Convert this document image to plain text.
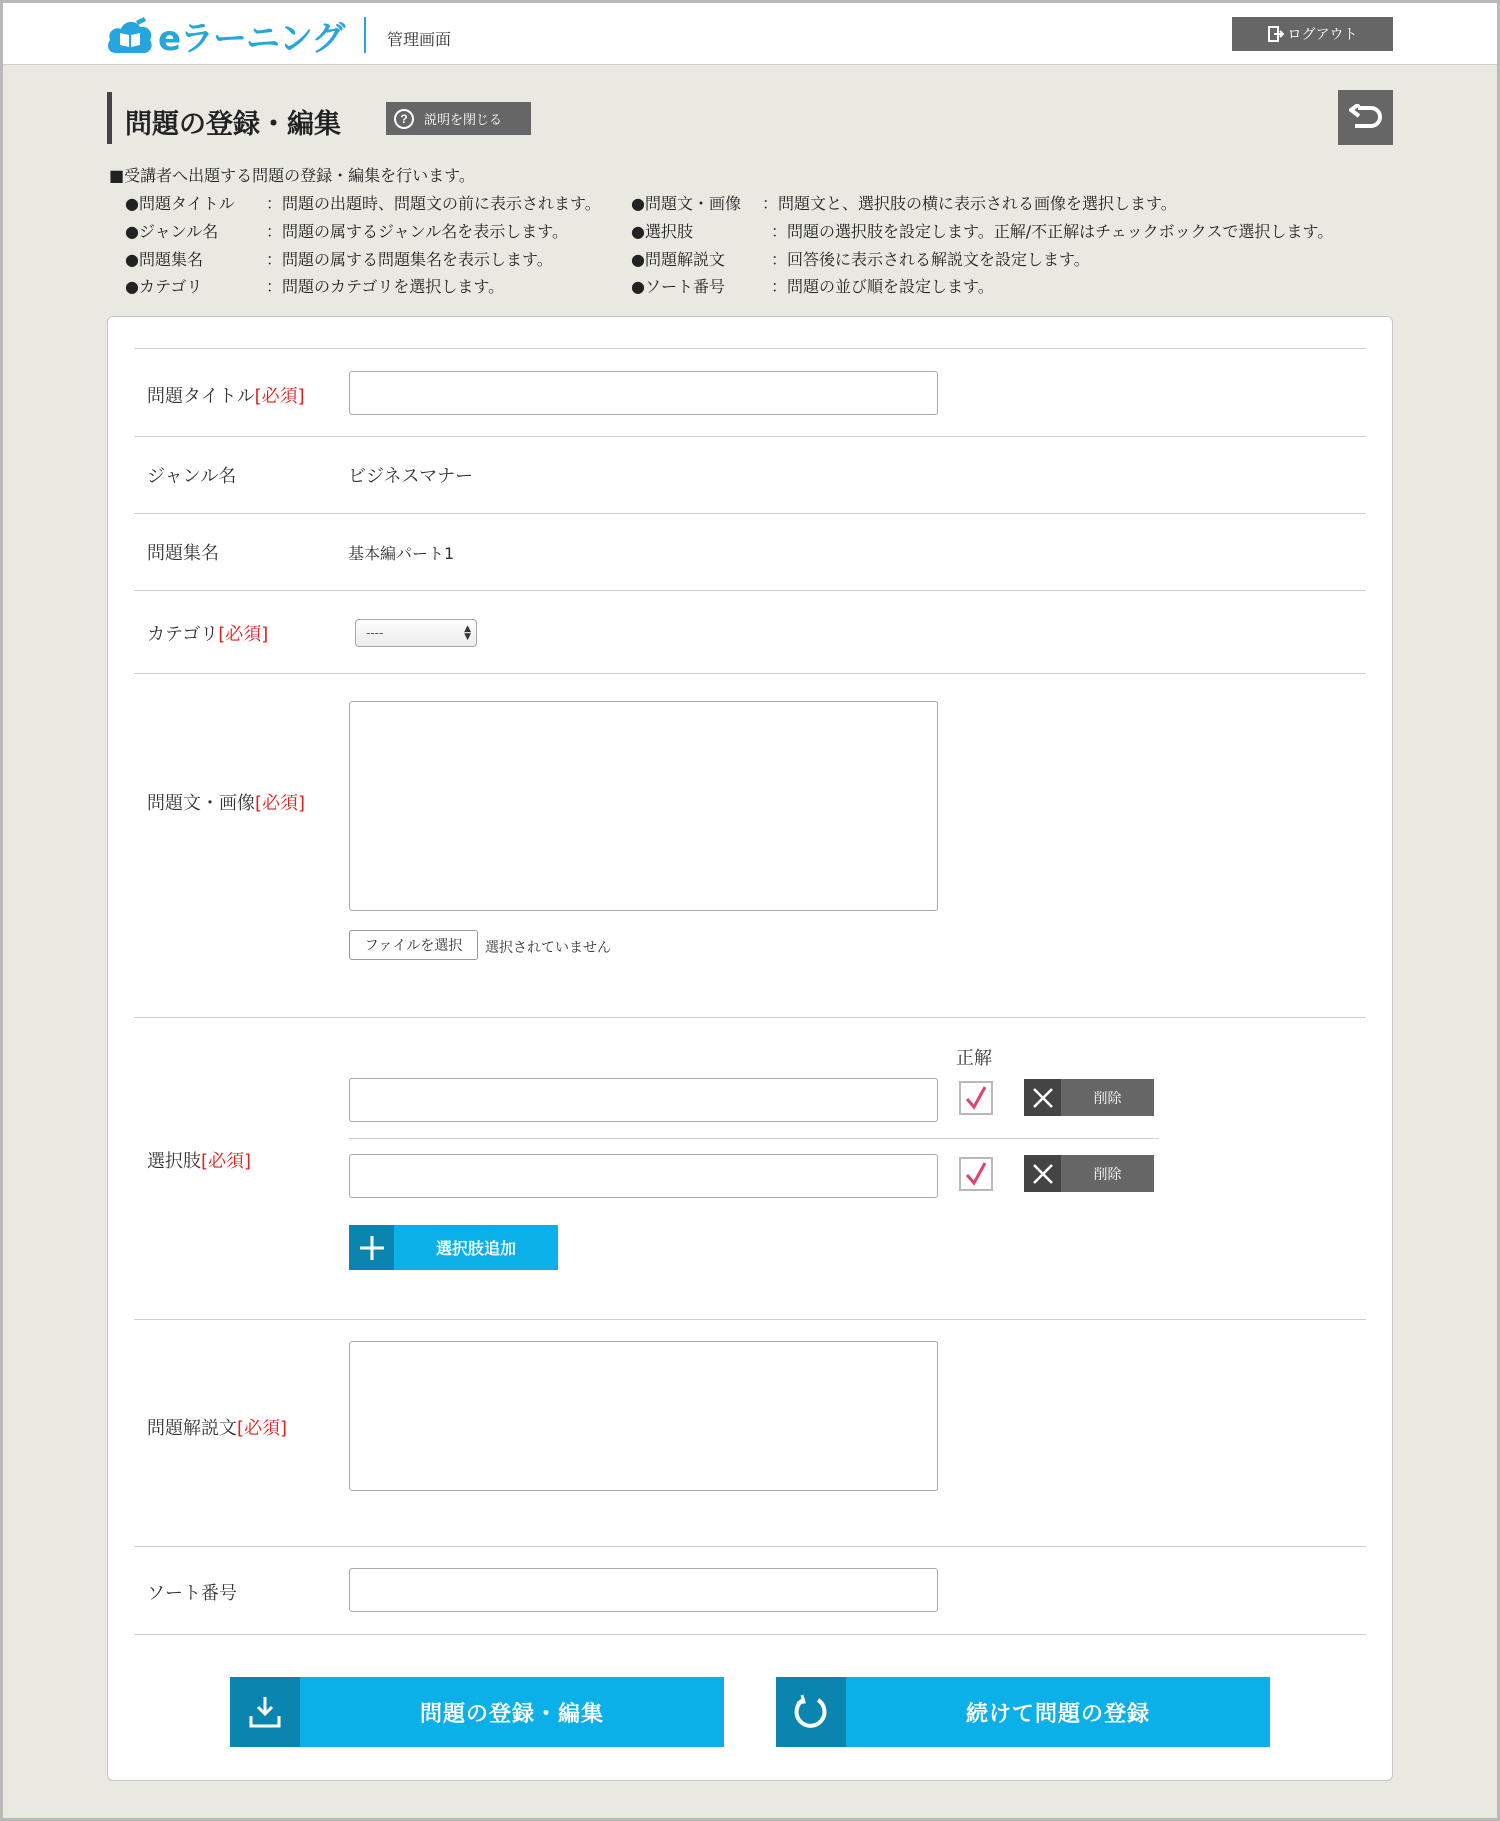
eラーニング	管理画面	ログアウト
問題の登録・編集	?	説明を閉じる
■受講者へ出題する問題の登録・編集を行います。
●問題タイトル ：問題の出題時、問題文の前に表示されます。
●ジャンル名	：問題の属するジャンル名を表示します。
●問題集名	：問題の属する問題集名を表示します。
●カテゴリ	：問題のカテゴリを選択します。
●問題文・画像 ：問題文と、選択肢の横に表示される画像を選択します。
●選択肢	：問題の選択肢を設定します。正解/不正解はチェックボックスで選択します。
●問題解説文	：回答後に表示される解説文を設定します。
●ソート番号	：問題の並び順を設定します。
問題タイトル[必須]
ジャンル名	ビジネスマナー
問題集名	基本編パート1
カテゴリ[必須]	----	▲
▼
問題文・画像[必須]
ファイルを選択	選択されていません
選択肢[必須]
正解
削除
削除
選択肢追加
問題解説文[必須]
ソート番号
問題の登録・編集	続けて問題の登録
